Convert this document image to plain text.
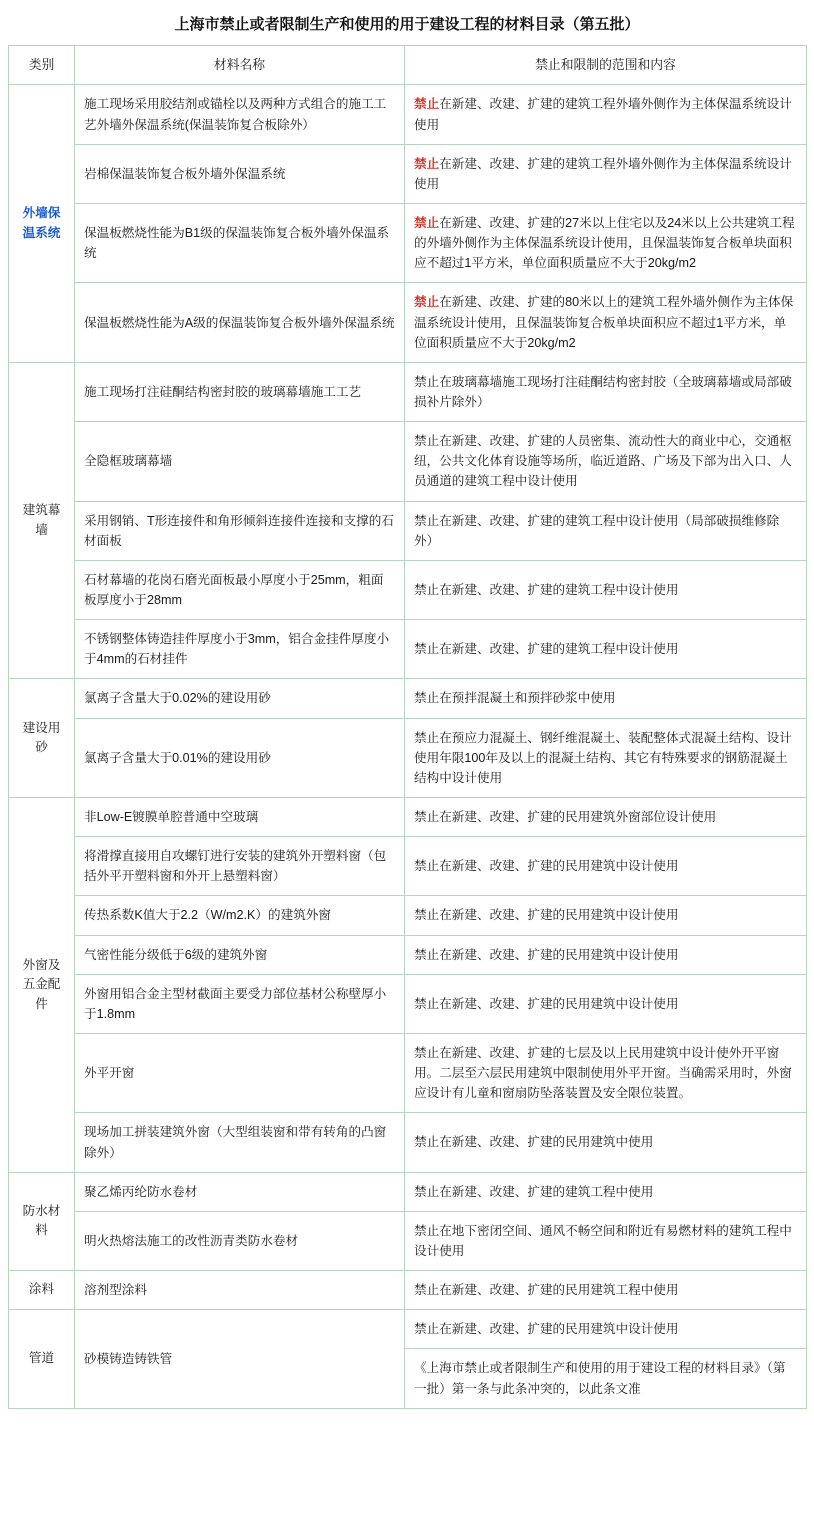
上海市禁止或者限制生产和使用的用于建设工程的材料目录（第五批）
类别	材料名称	禁止和限制的范围和内容
外墙保温系统	施工现场采用胶结剂或锚栓以及两种方式组合的施工工艺外墙外保温系统(保温装饰复合板除外）	禁止在新建、改建、扩建的建筑工程外墙外侧作为主体保温系统设计使用
	岩棉保温装饰复合板外墙外保温系统	禁止在新建、改建、扩建的建筑工程外墙外侧作为主体保温系统设计使用
	保温板燃烧性能为B1级的保温装饰复合板外墙外保温系统	禁止在新建、改建、扩建的27米以上住宅以及24米以上公共建筑工程的外墙外侧作为主体保温系统设计使用，且保温装饰复合板单块面积应不超过1平方米，单位面积质量应不大于20kg/m2
	保温板燃烧性能为A级的保温装饰复合板外墙外保温系统	禁止在新建、改建、扩建的80米以上的建筑工程外墙外侧作为主体保温系统设计使用，且保温装饰复合板单块面积应不超过1平方米，单位面积质量应不大于20kg/m2
建筑幕墙	施工现场打注硅酮结构密封胶的玻璃幕墙施工工艺	禁止在玻璃幕墙施工现场打注硅酮结构密封胶（全玻璃幕墙或局部破损补片除外）
	全隐框玻璃幕墙	禁止在新建、改建、扩建的人员密集、流动性大的商业中心，交通枢纽，公共文化体育设施等场所，临近道路、广场及下部为出入口、人员通道的建筑工程中设计使用
	采用钢销、T形连接件和角形倾斜连接件连接和支撑的石材面板	禁止在新建、改建、扩建的建筑工程中设计使用（局部破损维修除外）
	石材幕墙的花岗石磨光面板最小厚度小于25mm，粗面板厚度小于28mm	禁止在新建、改建、扩建的建筑工程中设计使用
	不锈钢整体铸造挂件厚度小于3mm，铝合金挂件厚度小于4mm的石材挂件	禁止在新建、改建、扩建的建筑工程中设计使用
建设用砂	氯离子含量大于0.02%的建设用砂	禁止在预拌混凝土和预拌砂浆中使用
	氯离子含量大于0.01%的建设用砂	禁止在预应力混凝土、钢纤维混凝土、装配整体式混凝土结构、设计使用年限100年及以上的混凝土结构、其它有特殊要求的钢筋混凝土结构中设计使用
外窗及五金配件	非Low-E镀膜单腔普通中空玻璃	禁止在新建、改建、扩建的民用建筑外窗部位设计使用
	将滑撑直接用自攻螺钉进行安装的建筑外开塑料窗（包括外平开塑料窗和外开上悬塑料窗）	禁止在新建、改建、扩建的民用建筑中设计使用
	传热系数K值大于2.2（W/m2.K）的建筑外窗	禁止在新建、改建、扩建的民用建筑中设计使用
	气密性能分级低于6级的建筑外窗	禁止在新建、改建、扩建的民用建筑中设计使用
	外窗用铝合金主型材截面主要受力部位基材公称壁厚小于1.8mm	禁止在新建、改建、扩建的民用建筑中设计使用
	外平开窗	禁止在新建、改建、扩建的七层及以上民用建筑中设计使外开平窗用。二层至六层民用建筑中限制使用外平开窗。当确需采用时，外窗应设计有儿童和窗扇防坠落装置及安全限位装置。
	现场加工拼装建筑外窗（大型组装窗和带有转角的凸窗除外）	禁止在新建、改建、扩建的民用建筑中使用
防水材料	聚乙烯丙纶防水卷材	禁止在新建、改建、扩建的建筑工程中使用
	明火热熔法施工的改性沥青类防水卷材	禁止在地下密闭空间、通风不畅空间和附近有易燃材料的建筑工程中设计使用
涂料	溶剂型涂料	禁止在新建、改建、扩建的民用建筑工程中使用
管道	砂模铸造铸铁管	禁止在新建、改建、扩建的民用建筑中设计使用
		《上海市禁止或者限制生产和使用的用于建设工程的材料目录》（第一批）第一条与此条冲突的，以此条文准
